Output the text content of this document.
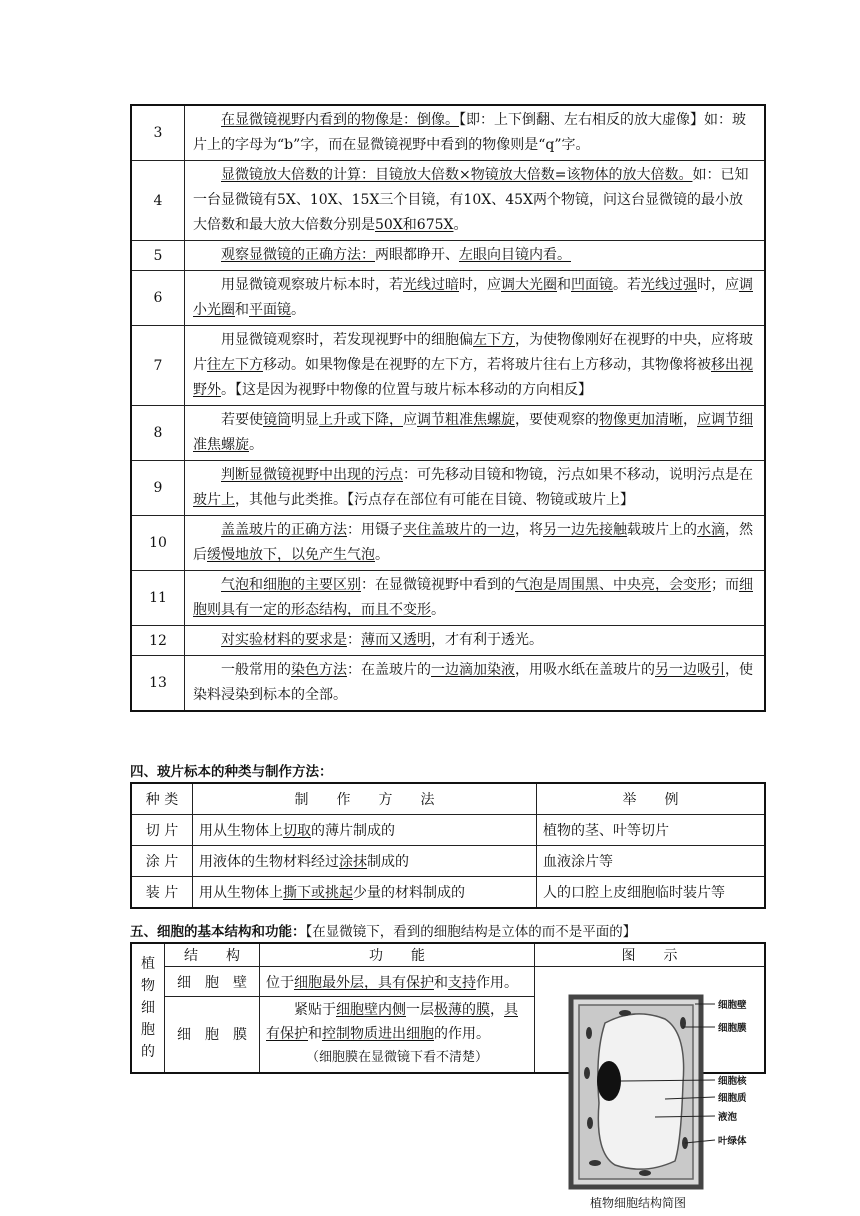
3	在显微镜视野内看到的物像是：倒像。【即：上下倒翻、左右相反的放大虚像】如：玻片上的字母为“b”字，而在显微镜视野中看到的物像则是“q”字。

4	显微镜放大倍数的计算：目镜放大倍数×物镜放大倍数=该物体的放大倍数。如：已知一台显微镜有5X、10X、15X三个目镜，有10X、45X两个物镜，问这台显微镜的最小放大倍数和最大放大倍数分别是50X和675X。

5	观察显微镜的正确方法：两眼都睁开、左眼向目镜内看。

6	用显微镜观察玻片标本时，若光线过暗时，应调大光圈和凹面镜。若光线过强时，应调小光圈和平面镜。

7	用显微镜观察时，若发现视野中的细胞偏左下方，为使物像刚好在视野的中央，应将玻片往左下方移动。如果物像是在视野的左下方，若将玻片往右上方移动，其物像将被移出视野外。【这是因为视野中物像的位置与玻片标本移动的方向相反】

8	若要使镜筒明显上升或下降，应调节粗准焦螺旋，要使观察的物像更加清晰，应调节细准焦螺旋。

9	判断显微镜视野中出现的污点：可先移动目镜和物镜，污点如果不移动，说明污点是在玻片上，其他与此类推。【污点存在部位有可能在目镜、物镜或玻片上】

10	盖盖玻片的正确方法：用镊子夹住盖玻片的一边，将另一边先接触载玻片上的水滴，然后缓慢地放下，以免产生气泡。

11	气泡和细胞的主要区别：在显微镜视野中看到的气泡是周围黑、中央亮，会变形；而细胞则具有一定的形态结构，而且不变形。

12	对实验材料的要求是：薄而又透明，才有利于透光。

13	一般常用的染色方法：在盖玻片的一边滴加染液，用吸水纸在盖玻片的另一边吸引，使染料浸染到标本的全部。
四、玻片标本的种类与制作方法：
种 类	制　　作　　方　　法	举　　例
切 片	用从生物体上切取的薄片制成的	植物的茎、叶等切片
涂 片	用液体的生物材料经过涂抹制成的	血液涂片等
装 片	用从生物体上撕下或挑起少量的材料制成的	人的口腔上皮细胞临时装片等
五、细胞的基本结构和功能：【在显微镜下，看到的细胞结构是立体的而不是平面的】
植物细胞的	结　　构	功　　能	图　　示
	细　胞　壁	位于细胞最外层，具有保护和支持作用。	
	细　胞　膜	紧贴于细胞壁内侧一层极薄的膜，具有保护和控制物质进出细胞的作用。
（细胞膜在显微镜下看不清楚）	
细胞壁
细胞膜
细胞核
细胞质
液泡
叶绿体
植物细胞结构简图
